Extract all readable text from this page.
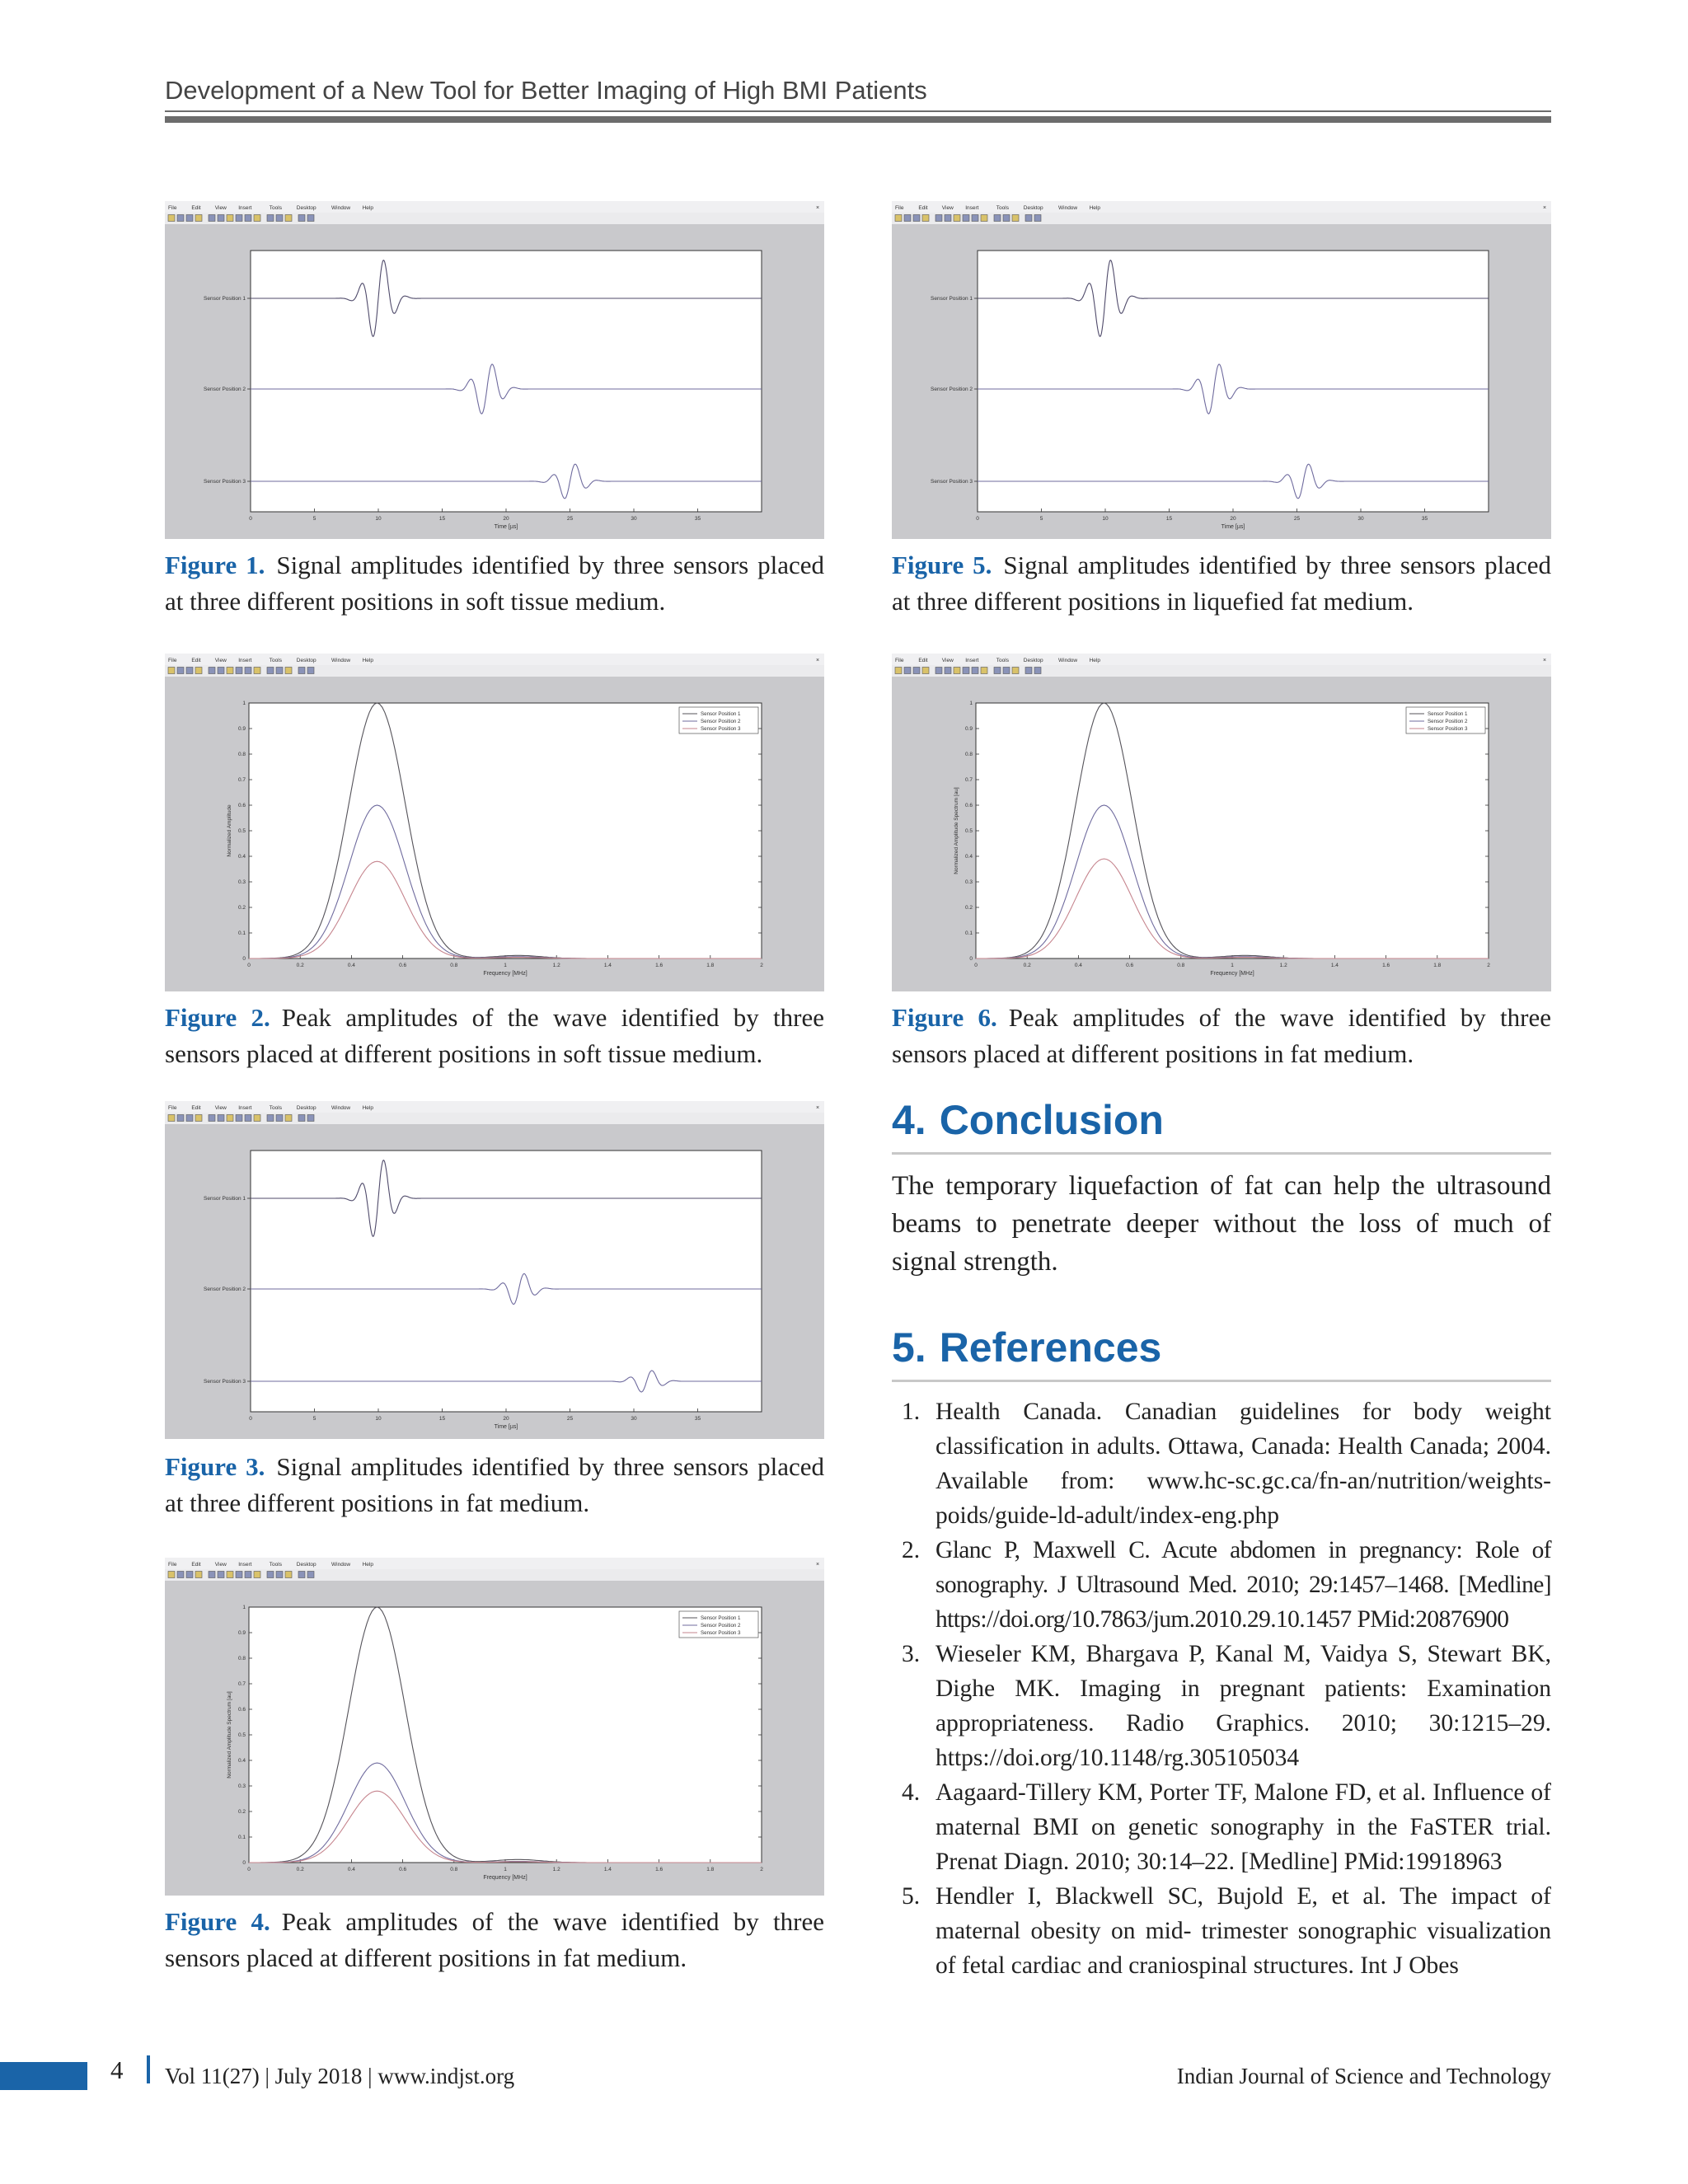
Development of a New Tool for Better Imaging of High BMI Patients
File	Edit	View Insert	Tools	Desktop	Window Help	×
Sensor Position 1
Sensor Position 2
Sensor Position 3
0	5	10	15	20	25	30	35
Time [µs]
Figure 1. Signal amplitudes identified by three sensors placed at three different positions in soft tissue medium.
File	Edit	View Insert	Tools	Desktop	Window Help	×
0
0.1
0.2
0.3
0.4
0.5
0.6
0.7
0.8
0.9
1
0	0.2	0.4	0.6	0.8	1	1.2	1.4	1.6	1.8	2
Frequency [MHz]
Normalized Amplitude
Sensor Position 1
Sensor Position 2
Sensor Position 3
Figure 2. Peak amplitudes of the wave identified by three sensors placed at different positions in soft tissue medium.
File	Edit	View Insert	Tools	Desktop	Window Help	×
Sensor Position 1
Sensor Position 2
Sensor Position 3
0	5	10	15	20	25	30	35
Time [µs]
Figure 3. Signal amplitudes identified by three sensors placed at three different positions in fat medium.
File	Edit	View Insert	Tools	Desktop	Window Help	×
0
0.1
0.2
0.3
0.4
0.5
0.6
0.7
0.8
0.9
1
0	0.2	0.4	0.6	0.8	1	1.2	1.4	1.6	1.8	2
Frequency [MHz]
Normalized Amplitude Spectrum [au]
Sensor Position 1
Sensor Position 2
Sensor Position 3
Figure 4. Peak amplitudes of the wave identified by three sensors placed at different positions in fat medium.
File	Edit	View Insert	Tools	Desktop	Window Help	×
Sensor Position 1
Sensor Position 2
Sensor Position 3
0	5	10	15	20	25	30	35
Time [µs]
Figure 5. Signal amplitudes identified by three sensors placed at three different positions in liquefied fat medium.
File	Edit	View Insert	Tools	Desktop	Window Help	×
0
0.1
0.2
0.3
0.4
0.5
0.6
0.7
0.8
0.9
1
0	0.2	0.4	0.6	0.8	1	1.2	1.4	1.6	1.8	2
Frequency [MHz]
Normalized Amplitude Spectrum [au]
Sensor Position 1
Sensor Position 2
Sensor Position 3
Figure 6. Peak amplitudes of the wave identified by three sensors placed at different positions in fat medium.
4. Conclusion
The temporary liquefaction of fat can help the ultrasound beams to penetrate deeper without the loss of much of signal strength.
5. References
1. Health Canada. Canadian guidelines for body weight classification in adults. Ottawa, Canada: Health Canada; 2004. Available from: www.hc-sc.gc.ca/fn-an/nutrition/weights-poids/guide-ld-adult/index-eng.php
2. Glanc P, Maxwell C. Acute abdomen in pregnancy: Role of sonography. J Ultrasound Med. 2010; 29:1457–1468. [Medline] https://doi.org/10.7863/jum.2010.29.10.1457 PMid:20876900
3. Wieseler KM, Bhargava P, Kanal M, Vaidya S, Stewart BK, Dighe MK. Imaging in pregnant patients: Examination appropriateness. Radio Graphics. 2010; 30:1215–29. https://doi.org/10.1148/rg.305105034
4. Aagaard-Tillery KM, Porter TF, Malone FD, et al. Influence of maternal BMI on genetic sonography in the FaSTER trial. Prenat Diagn. 2010; 30:14–22. [Medline] PMid:19918963
5. Hendler I, Blackwell SC, Bujold E, et al. The impact of maternal obesity on mid- trimester sonographic visualization of fetal cardiac and craniospinal structures. Int J Obes
4 Vol 11(27) | July 2018 | www.indjst.org	Indian Journal of Science and Technology
